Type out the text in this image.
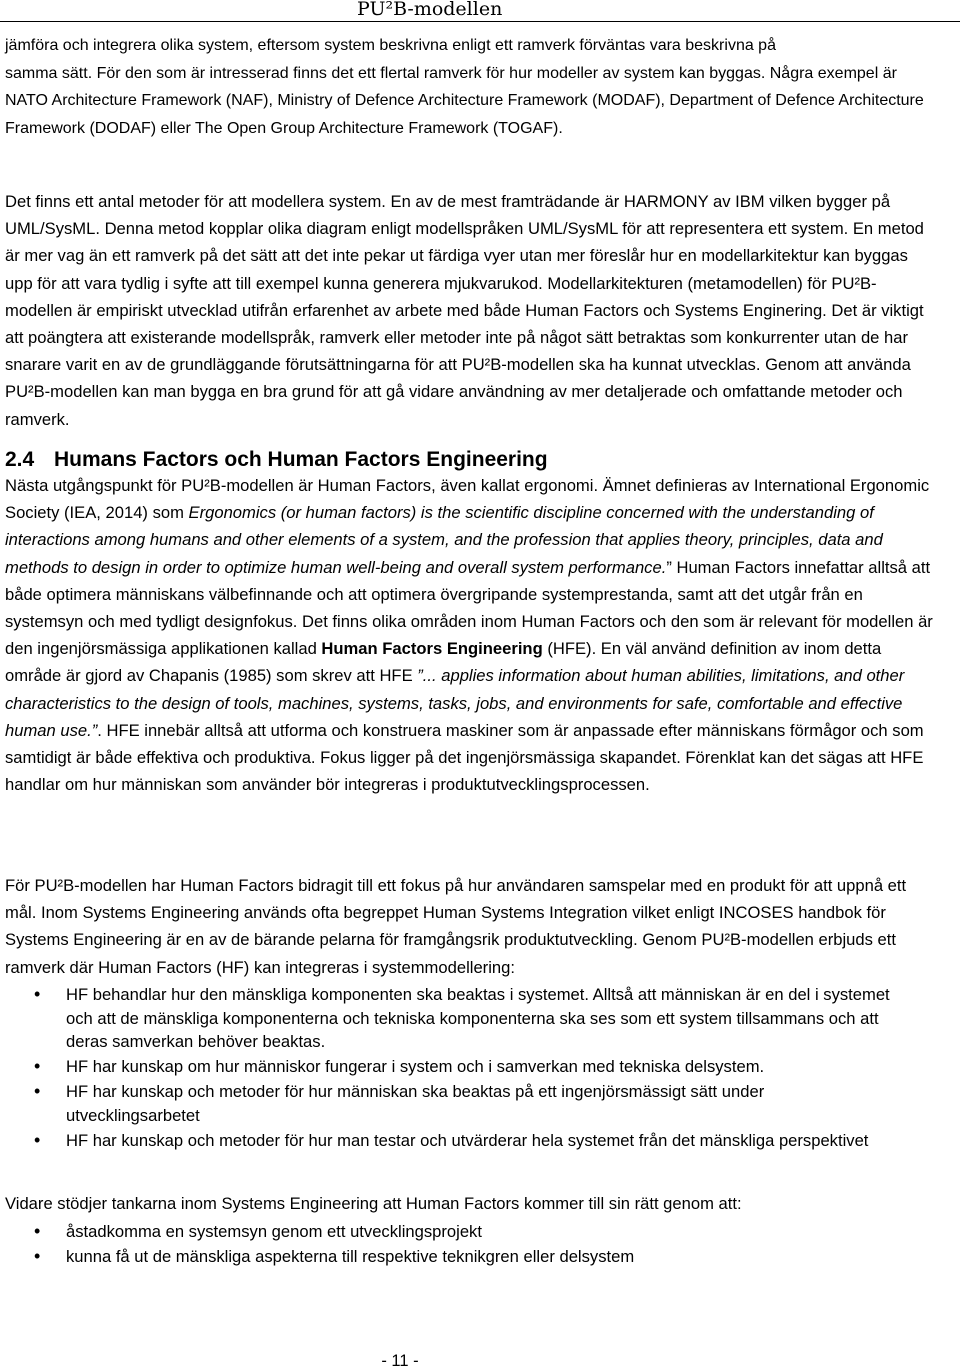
PU²B-modellen
jämföra och integrera olika system, eftersom system beskrivna enligt ett ramverk förväntas vara beskrivna på
samma sätt. För den som är intresserad finns det ett flertal ramverk för hur modeller av system kan byggas. Några exempel är NATO Architecture Framework (NAF), Ministry of Defence Architecture Framework (MODAF), Department of Defence Architecture Framework (DODAF) eller The Open Group Architecture Framework (TOGAF).

Det finns ett antal metoder för att modellera system. En av de mest framträdande är HARMONY av IBM vilken bygger på UML/SysML. Denna metod kopplar olika diagram enligt modellspråken UML/SysML för att representera ett system. En metod är mer vag än ett ramverk på det sätt att det inte pekar ut färdiga vyer utan mer föreslår hur en modellarkitektur kan byggas upp för att vara tydlig i syfte att till exempel kunna generera mjukvarukod. Modellarkitekturen (metamodellen) för PU²B-modellen är empiriskt utvecklad utifrån erfarenhet av arbete med både Human Factors och Systems Enginering. Det är viktigt att poängtera att existerande modellspråk, ramverk eller metoder inte på något sätt betraktas som konkurrenter utan de har snarare varit en av de grundläggande förutsättningarna för att PU²B-modellen ska ha kunnat utvecklas. Genom att använda PU²B-modellen kan man bygga en bra grund för att gå vidare användning av mer detaljerade och omfattande metoder och ramverk.

2.4 Humans Factors och Human Factors Engineering

Nästa utgångspunkt för PU²B-modellen är Human Factors, även kallat ergonomi. Ämnet definieras av International Ergonomic Society (IEA, 2014) som Ergonomics (or human factors) is the scientific discipline concerned with the understanding of interactions among humans and other elements of a system, and the profession that applies theory, principles, data and methods to design in order to optimize human well-being and overall system performance.” Human Factors innefattar alltså att både optimera människans välbefinnande och att optimera övergripande systemprestanda, samt att det utgår från en systemsyn och med tydligt designfokus. Det finns olika områden inom Human Factors och den som är relevant för modellen är den ingenjörsmässiga applikationen kallad Human Factors Engineering (HFE). En väl använd definition av inom detta område är gjord av Chapanis (1985) som skrev att HFE ”... applies information about human abilities, limitations, and other characteristics to the design of tools, machines, systems, tasks, jobs, and environments for safe, comfortable and effective human use.”. HFE innebär alltså att utforma och konstruera maskiner som är anpassade efter människans förmågor och som samtidigt är både effektiva och produktiva. Fokus ligger på det ingenjörsmässiga skapandet. Förenklat kan det sägas att HFE handlar om hur människan som använder bör integreras i produktutvecklingsprocessen.

För PU²B-modellen har Human Factors bidragit till ett fokus på hur användaren samspelar med en produkt för att uppnå ett mål. Inom Systems Engineering används ofta begreppet Human Systems Integration vilket enligt INCOSES handbok för Systems Engineering är en av de bärande pelarna för framgångsrik produktutveckling. Genom PU²B-modellen erbjuds ett ramverk där Human Factors (HF) kan integreras i systemmodellering:

• HF behandlar hur den mänskliga komponenten ska beaktas i systemet. Alltså att människan är en del i systemet och att de mänskliga komponenterna och tekniska komponenterna ska ses som ett system tillsammans och att deras samverkan behöver beaktas.
• HF har kunskap om hur människor fungerar i system och i samverkan med tekniska delsystem.
• HF har kunskap och metoder för hur människan ska beaktas på ett ingenjörsmässigt sätt under utvecklingsarbetet
• HF har kunskap och metoder för hur man testar och utvärderar hela systemet från det mänskliga perspektivet

Vidare stödjer tankarna inom Systems Engineering att Human Factors kommer till sin rätt genom att:

• åstadkomma en systemsyn genom ett utvecklingsprojekt
• kunna få ut de mänskliga aspekterna till respektive teknikgren eller delsystem
- 11 -
